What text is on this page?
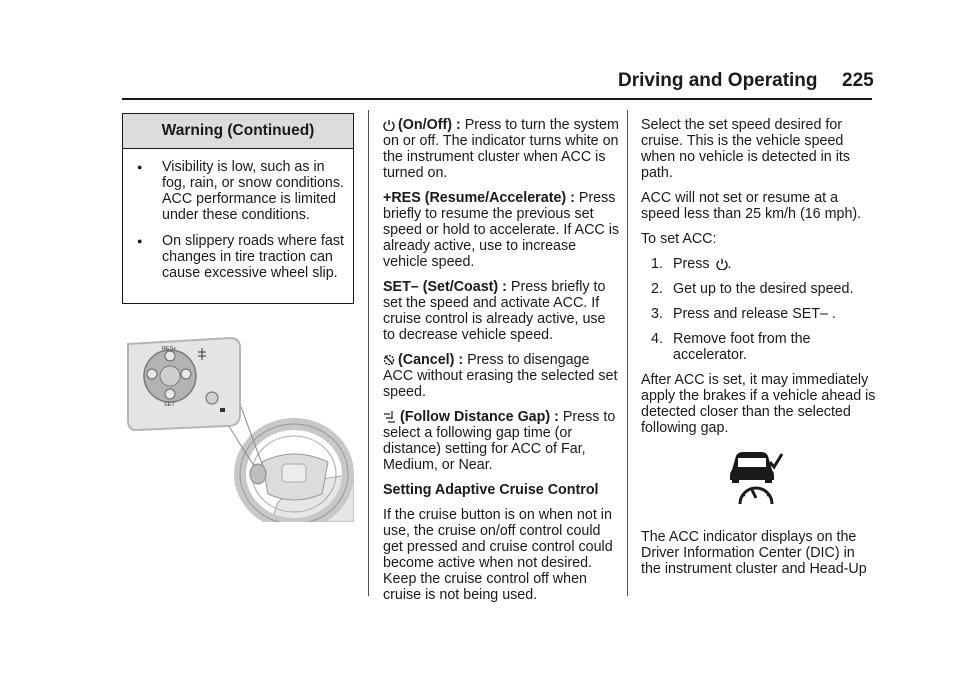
Driving and Operating 225
Warning (Continued)
● Visibility is low, such as in fog, rain, or snow conditions. ACC performance is limited under these conditions.
● On slippery roads where fast changes in tire traction can cause excessive wheel slip.
RES+
SET

(On/Off) : Press to turn the system on or off. The indicator turns white on the instrument cluster when ACC is turned on.

+RES (Resume/Accelerate) : Press briefly to resume the previous set speed or hold to accelerate. If ACC is already active, use to increase vehicle speed.

SET– (Set/Coast) : Press briefly to set the speed and activate ACC. If cruise control is already active, use to decrease vehicle speed.

(Cancel) : Press to disengage ACC without erasing the selected set speed.

(Follow Distance Gap) : Press to select a following gap time (or distance) setting for ACC of Far, Medium, or Near.

Setting Adaptive Cruise Control

If the cruise button is on when not in use, the cruise on/off control could get pressed and cruise control could become active when not desired. Keep the cruise control off when cruise is not being used.

Select the set speed desired for cruise. This is the vehicle speed when no vehicle is detected in its path.

ACC will not set or resume at a speed less than 25 km/h (16 mph).

To set ACC:

1. Press .
2. Get up to the desired speed.
3. Press and release SET– .
4. Remove foot from the accelerator.

After ACC is set, it may immediately apply the brakes if a vehicle ahead is detected closer than the selected following gap.

The ACC indicator displays on the Driver Information Center (DIC) in the instrument cluster and Head-Up
